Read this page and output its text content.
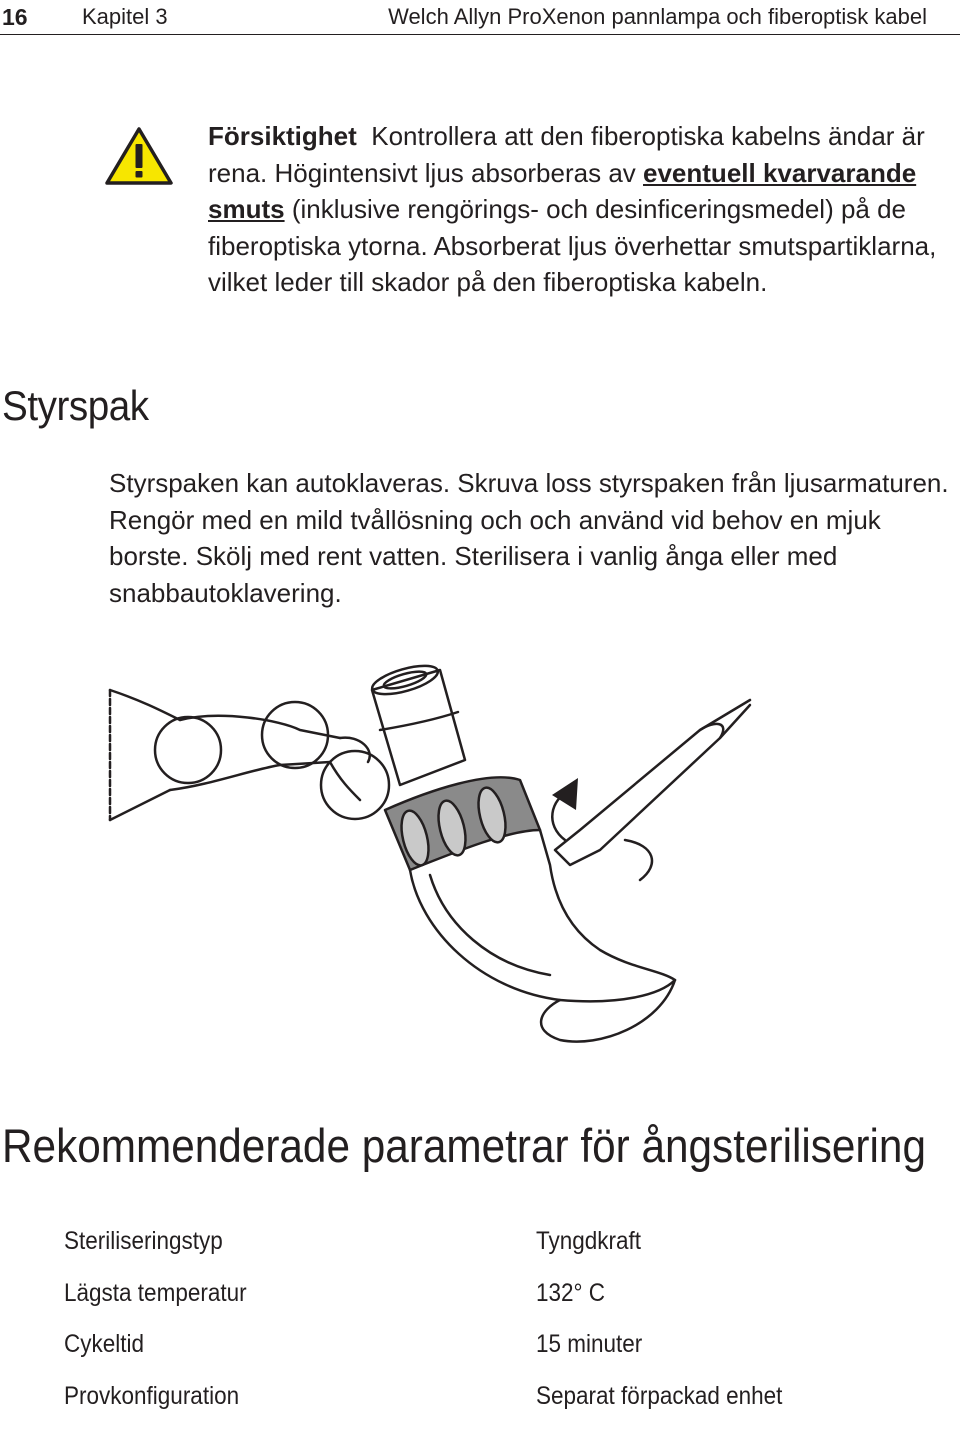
16 Kapitel 3	Welch Allyn ProXenon pannlampa och fiberoptisk kabel
Försiktighet Kontrollera att den fiberoptiska kabelns ändar är rena. Högintensivt ljus absorberas av eventuell kvarvarande smuts (inklusive rengörings- och desinficeringsmedel) på de fiberoptiska ytorna. Absorberat ljus överhettar smutspartiklarna, vilket leder till skador på den fiberoptiska kabeln.
Styrspak
Styrspaken kan autoklaveras. Skruva loss styrspaken från ljusarmaturen. Rengör med en mild tvållösning och och använd vid behov en mjuk borste. Skölj med rent vatten. Sterilisera i vanlig ånga eller med snabbautoklavering.
Rekommenderade parametrar för ångsterilisering
Steriliseringstyp	Tyngdkraft
Lägsta temperatur	132° C
Cykeltid	15 minuter
Provkonfiguration	Separat förpackad enhet
